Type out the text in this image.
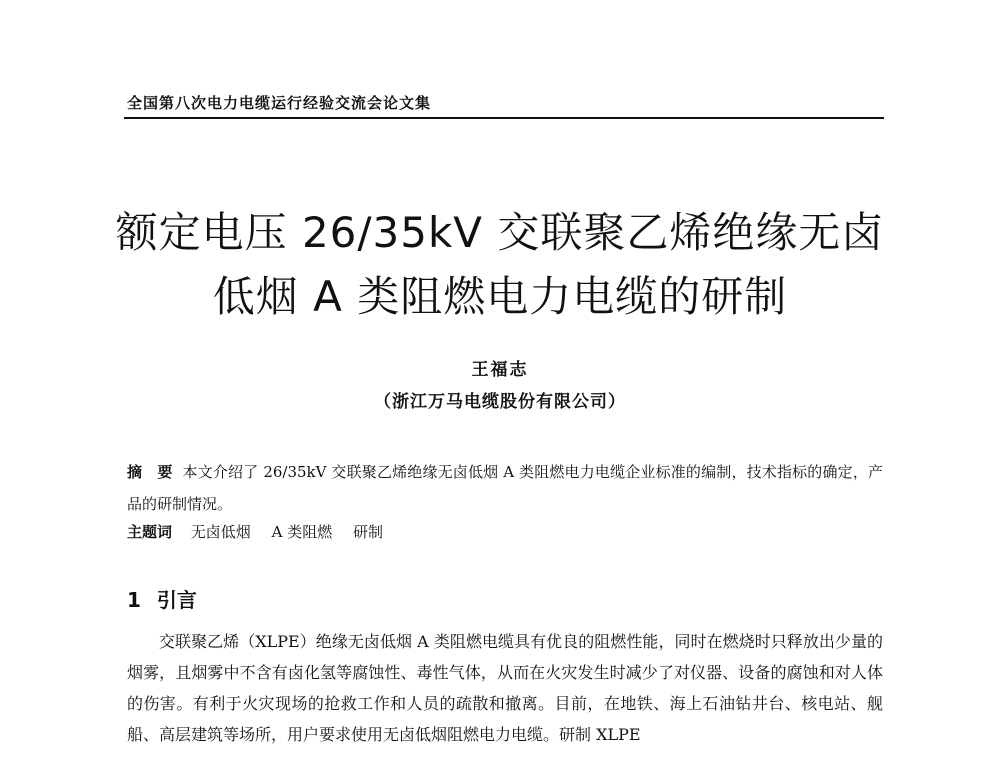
全国第八次电力电缆运行经验交流会论文集
额定电压 26/35kV 交联聚乙烯绝缘无卤
低烟 A 类阻燃电力电缆的研制
王福志
（浙江万马电缆股份有限公司）
摘　要 本文介绍了 26/35kV 交联聚乙烯绝缘无卤低烟 A 类阻燃电力电缆企业标准的编制，技术指标的确定，产品的研制情况。
主题词 无卤低烟 A 类阻燃 研制
1 引言
交联聚乙烯（XLPE）绝缘无卤低烟 A 类阻燃电缆具有优良的阻燃性能，同时在燃烧时只释放出少量的烟雾，且烟雾中不含有卤化氢等腐蚀性、毒性气体，从而在火灾发生时减少了对仪器、设备的腐蚀和对人体的伤害。有利于火灾现场的抢救工作和人员的疏散和撤离。目前，在地铁、海上石油钻井台、核电站、舰船、高层建筑等场所，用户要求使用无卤低烟阻燃电力电缆。研制 XLPE
